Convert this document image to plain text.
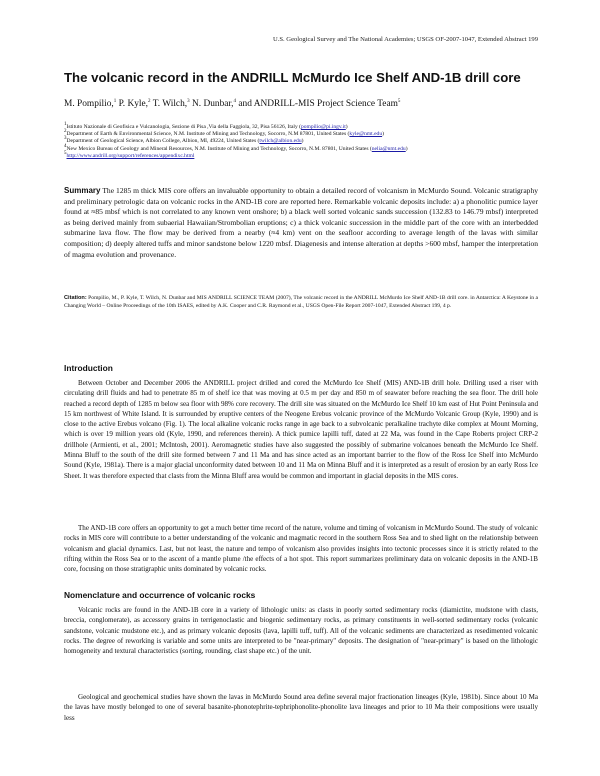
U.S. Geological Survey and The National Academies; USGS OF-2007-1047, Extended Abstract 199
The volcanic record in the ANDRILL McMurdo Ice Shelf AND-1B drill core
M. Pompilio,$^1$ P. Kyle,$^2$ T. Wilch,$^3$ N. Dunbar,$^4$ and ANDRILL-MIS Project Science Team$^5$
$^1$Istituto Nazionale di Geofisica e Vulcanologia, Sezione di Pisa ,Via della Faggiola, 32, Pisa 56126, Italy (pompilio@pi.ingv.it)
$^2$Department of Earth & Environmental Science, N.M. Institute of Mining and Technology, Socorro, N.M 87801, United States (kyle@nmt.edu)
$^3$Department of Geological Science, Albion College, Albion, MI, 49224, United States (twilch@albion.edu)
$^4$New Mexico Bureau of Geology and Mineral Resources, N.M. Institute of Mining and Technology, Socorro, N.M. 87801, United States (nelia@nmt.edu)
$^5$http://www.andrill.org/support/references/appendixc.html
Summary The 1285 m thick MIS core offers an invaluable opportunity to obtain a detailed record of volcanism in McMurdo Sound. Volcanic stratigraphy and preliminary petrologic data on volcanic rocks in the AND-1B core are reported here. Remarkable volcanic deposits include: a) a phonolitic pumice layer found at ≈85 mbsf which is not correlated to any known vent onshore; b) a black well sorted volcanic sands succession (132.83 to 146.79 mbsf) interpreted as being derived mainly from subaerial Hawaiian/Strombolian eruptions; c) a thick volcanic succession in the middle part of the core with an interbedded submarine lava flow. The flow may be derived from a nearby (≈4 km) vent on the seafloor according to average length of the lavas with similar composition; d) deeply altered tuffs and minor sandstone below 1220 mbsf. Diagenesis and intense alteration at depths >600 mbsf, hamper the interpretation of magma evolution and provenance.
Citation: Pompilio, M., P. Kyle, T. Wilch, N. Dunbar and MIS ANDRILL SCIENCE TEAM (2007), The volcanic record in the ANDRILL McMurdo Ice Shelf AND-1B drill core. in Antarctica: A Keystone in a Changing World – Online Proceedings of the 10th ISAES, edited by A.K. Cooper and C.R. Raymond et al., USGS Open-File Report 2007-1047, Extended Abstract 199, 4 p.
Introduction
Between October and December 2006 the ANDRILL project drilled and cored the McMurdo Ice Shelf (MIS) AND-1B drill hole. Drilling used a riser with circulating drill fluids and had to penetrate 85 m of shelf ice that was moving at 0.5 m per day and 850 m of seawater before reaching the sea floor. The drill hole reached a record depth of 1285 m below sea floor with 98% core recovery. The drill site was situated on the McMurdo Ice Shelf 10 km east of Hut Point Peninsula and 15 km northwest of White Island. It is surrounded by eruptive centers of the Neogene Erebus volcanic province of the McMurdo Volcanic Group (Kyle, 1990) and is close to the active Erebus volcano (Fig. 1). The local alkaline volcanic rocks range in age back to a subvolcanic peralkaline trachyte dike complex at Mount Morning, which is over 19 million years old (Kyle, 1990, and references therein). A thick pumice lapilli tuff, dated at 22 Ma, was found in the Cape Roberts project CRP-2 drillhole (Armienti, et al., 2001; McIntosh, 2001). Aeromagnetic studies have also suggested the possibly of submarine volcanoes beneath the McMurdo Ice Shelf. Minna Bluff to the south of the drill site formed between 7 and 11 Ma and has since acted as an important barrier to the flow of the Ross Ice Shelf into McMurdo Sound (Kyle, 1981a). There is a major glacial unconformity dated between 10 and 11 Ma on Minna Bluff and it is interpreted as a result of erosion by an early Ross Ice Sheet. It was therefore expected that clasts from the Minna Bluff area would be common and important in glacial deposits in the MIS cores.
The AND-1B core offers an opportunity to get a much better time record of the nature, volume and timing of volcanism in McMurdo Sound. The study of volcanic rocks in MIS core will contribute to a better understanding of the volcanic and magmatic record in the southern Ross Sea and to shed light on the relationship between volcanism and glacial dynamics. Last, but not least, the nature and tempo of volcanism also provides insights into tectonic processes since it is strictly related to the rifting within the Ross Sea or to the ascent of a mantle plume /the effects of a hot spot. This report summarizes preliminary data on volcanic deposits in the AND-1B core, focusing on those stratigraphic units dominated by volcanic rocks.
Nomenclature and occurrence of volcanic rocks
Volcanic rocks are found in the AND-1B core in a variety of lithologic units: as clasts in poorly sorted sedimentary rocks (diamictite, mudstone with clasts, breccia, conglomerate), as accessory grains in terrigenoclastic and biogenic sedimentary rocks, as primary constituents in well-sorted sedimentary rocks (volcanic sandstone, volcanic mudstone etc.), and as primary volcanic deposits (lava, lapilli tuff, tuff). All of the volcanic sediments are characterized as resedimented volcanic rocks. The degree of reworking is variable and some units are interpreted to be "near-primary" deposits. The designation of "near-primary" is based on the lithologic homogeneity and textural characteristics (sorting, rounding, clast shape etc.) of the unit.
Geological and geochemical studies have shown the lavas in McMurdo Sound area define several major fractionation lineages (Kyle, 1981b). Since about 10 Ma the lavas have mostly belonged to one of several basanite-phonotephrite-tephriphonolite-phonolite lava lineages and prior to 10 Ma their compositions were usually less
